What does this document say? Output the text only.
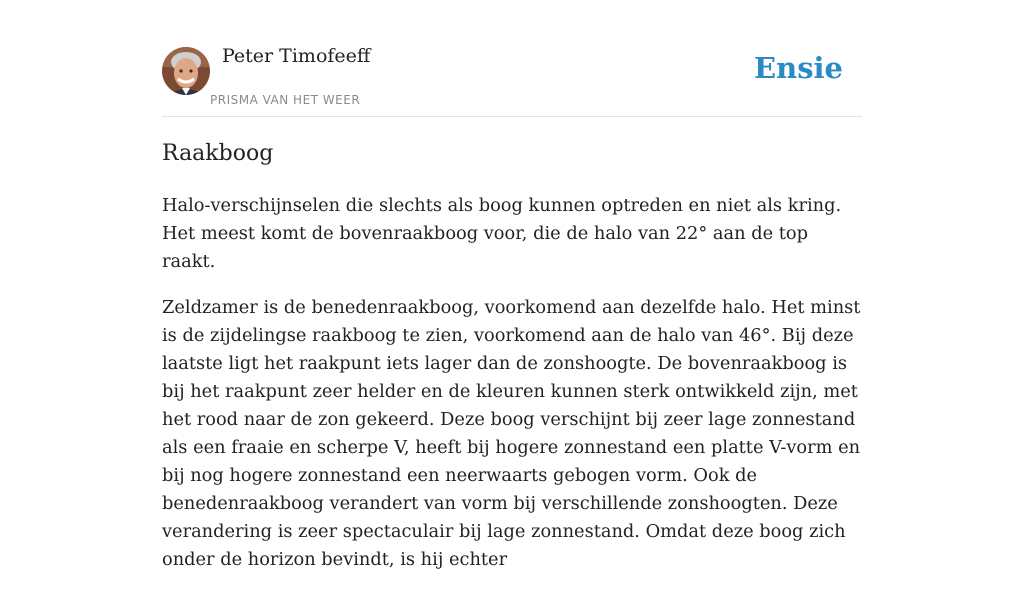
Peter Timofeeff
PRISMA VAN HET WEER
Ensie
Raakboog

Halo-verschijnselen die slechts als boog kunnen optreden en niet als kring. Het meest komt de bovenraakboog voor, die de halo van 22° aan de top raakt.

Zeldzamer is de benedenraakboog, voorkomend aan dezelfde halo. Het minst is de zijdelingse raakboog te zien, voorkomend aan de halo van 46°. Bij deze laatste ligt het raakpunt iets lager dan de zonshoogte. De bovenraakboog is bij het raakpunt zeer helder en de kleuren kunnen sterk ontwikkeld zijn, met het rood naar de zon gekeerd. Deze boog verschijnt bij zeer lage zonnestand als een fraaie en scherpe V, heeft bij hogere zonnestand een platte V-vorm en bij nog hogere zonnestand een neerwaarts gebogen vorm. Ook de benedenraakboog verandert van vorm bij verschillende zonshoogten. Deze verandering is zeer spectaculair bij lage zonnestand. Omdat deze boog zich onder de horizon bevindt, is hij echter
